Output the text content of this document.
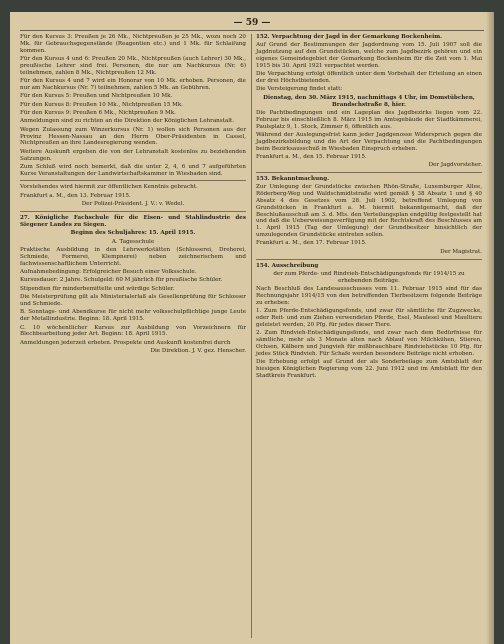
— 59 —

Für den Kursus 3: Preußen je 26 Mk., Nichtpreußen je 25 Mk., wozu noch 20 Mk. für Gebrauchsgegenstände (Reagentien etc.) und 1 Mk. für Schlaiſung kommen.

Für den Kursus 4 und 6: Preußen 20 Mk., Nichtpreußen (auch Lehrer) 30 Mk., preußische Lehrer sind frei. Personen, die nur am Nachkursus (Nr. 6) teilnehmen, zahlen 8 Mk., Nichtpreußen 12 Mk.

Für den Kursus 4 und 7 wird ein Honorar von 10 Mk. erhoben. Personen, die nur am Nachkursus (Nr. 7) teilnehmen, zahlen 5 Mk. an Gebühren.

Für den Kursus 5: Preußen und Nichtpreußen 10 Mk.

Für den Kursus 8: Preußen 10 Mk., Nichtpreußen 15 Mk.

Für den Kursus 9: Preußen 6 Mk., Nichtpreußen 9 Mk.

Anmeldungen sind zu richten an die Direktion der Königlichen Lehranstalt.

Wegen Zulassung zum Winzerkursus (Nr. 1) wollen sich Personen aus der Provinz Hessen-Nassau an den Herrn Ober-Präsidenten in Cassel, Nichtpreußen an ihre Landesregierung wenden.

Weitere Auskunft ergeben die von der Lehranstalt kostenlos zu beziehenden Satzungen.

Zum Schluß wird noch bemerkt, daß die unter 2, 4, 6 und 7 aufgeführten Kurse Veranstaltungen der Landwirtschaftskammer in Wiesbaden sind.

Vorstehendes wird hiermit zur öffentlichen Kenntnis gebracht.

Frankfurt a. M., den 13. Februar 1915.

Der Polizei-Präsident. J. V.: v. Wedel.

27. Königliche Fachschule für die Eisen- und Stahlindustrie des Siegener Landes zu Siegen.

Beginn des Schuljahres: 15. April 1915.

A. Tagesschule

Praktische Ausbildung in den Lehrwerkstätten (Schlosserei, Dreherei, Schmiede, Formerei, Klempnerei) neben zeichnerischem und fachwissenschaftlichem Unterricht.

Aufnahmebedingung: Erfolgreicher Besuch einer Volksschule.

Kursusdauer: 2 Jahre. Schulgeld: 60 M jährlich für preußische Schüler.

Stipendien für minderbemittelte und würdige Schüler.

Die Meisterprüfung gilt als Ministerialerlaß als Gesellenprüfung für Schlosser und Schmiede.

B. Sonntags- und Abendkurse für nicht mehr volksschulpflichtige junge Leute der Metallindustrie. Beginn: 18. April 1915.

C. 10 wöchentlicher Kursus zur Ausbildung von Vorzeichnern für Blechbearbeitung jeder Art. Beginn: 18. April 1915.

Anmeldungen jederzeit erbeten. Prospekte und Auskunft kostenfrei durch

Die Direktion. J. V. gez. Henscher.

152. Verpachtung der Jagd in der Gemarkung Bockenheim.

Auf Grund der Bestimmungen der Jagdordnung vom 15. Juli 1907 soll die Jagdnutzung auf den Grundstücken, welche zum Jagdbezirk gehören und ein eigenes Gemeindegebiet der Gemarkung Bockenheim für die Zeit vom 1. Mai 1915 bis 30. April 1921 verpachtet werden.

Die Verpachtung erfolgt öffentlich unter dem Vorbehalt der Erteilung an einen der drei Höchstbietenden.

Die Versteigerung findet statt:

Dienstag, den 30. März 1915, nachmittags 4 Uhr, im Domstübchen, Brandschstraße 8, hier.

Die Pachtbedingungen und ein Lageplan des Jagdbezirks liegen vom 22. Februar bis einschließlich 8. März 1915 im Amtsgebäude der Stadtkämmerei, Paulsplatz 9, 1. Stock, Zimmer 6, öffentlich aus.

Während der Auslegungsfrist kann jeder Jagdgenosse Widerspruch gegen die Jagdbezirksbildung und die Art der Verpachtung und die Pachtbedingungen beim Bezirksausschuß in Wiesbaden Einspruch erheben.

Frankfurt a. M., den 15. Februar 1915.

Der Jagdvorsteher.

153. Bekanntmachung.

Zur Umlegung der Grundstücke zwischen Rhön-Straße, Luxemburger Allee, Röderberg-Weg und Waldschmidtstraße wird gemäß § 38 Absatz 1 und § 40 Absatz 4 des Gesetzes vom 28. Juli 1902, betreffend Umlegung von Grundstücken in Frankfurt a. M. hiermit bekanntgemacht, daß der Beschlußausschuß am 3. d. Mts. den Verteilungsplan endgültig festgestellt hat und daß die Ueberweisungsverfügung mit der Rechtskraft des Beschlusses am 1. April 1915 (Tag der Umlegung) der Grundbesitzer hinsichtlich der umzulegenden Grundstücke eintreten sollen.

Frankfurt a. M., den 17. Februar 1915.

Der Magistrat.

154. Ausschreibung

der zum Pferde- und Rindvieh-Entschädigungsfonds für 1914/15 zu erhebenden Beiträge.

Nach Beschluß des Landesausschusses vom 11. Februar 1915 sind für das Rechnungsjahr 1914/15 von den betreffenden Tierbesitzern folgende Beiträge zu erheben:

1. Zum Pferde-Entschädigungsfonds, und zwar für sämtliche für Zugzwecke, oder Reit- und zum Ziehen verwendeten Pferde, Esel, Maulesel und Maultiere geleistet werden, 20 Pfg. für jedes dieser Tiere.

2. Zum Rindvieh-Entschädigungsfonds, und zwar nach dem Bedürfnisse für sämtliche, mehr als 3 Monate alten nach Ablauf von Milchkühen, Stieren, Ochsen, Kälbern und Jungvieh für mißbrauchbare Rindviehstücke 10 Pfg. für jedes Stück Rindvieh. Für Schafe werden besondere Beiträge nicht erhoben.

Die Erhebung erfolgt auf Grund der als Sonderbeilage zum Amtsblatt der hiesigen Königlichen Regierung vom 22. Juni 1912 und im Amtsblatt für den Stadtkreis Frankfurt.
